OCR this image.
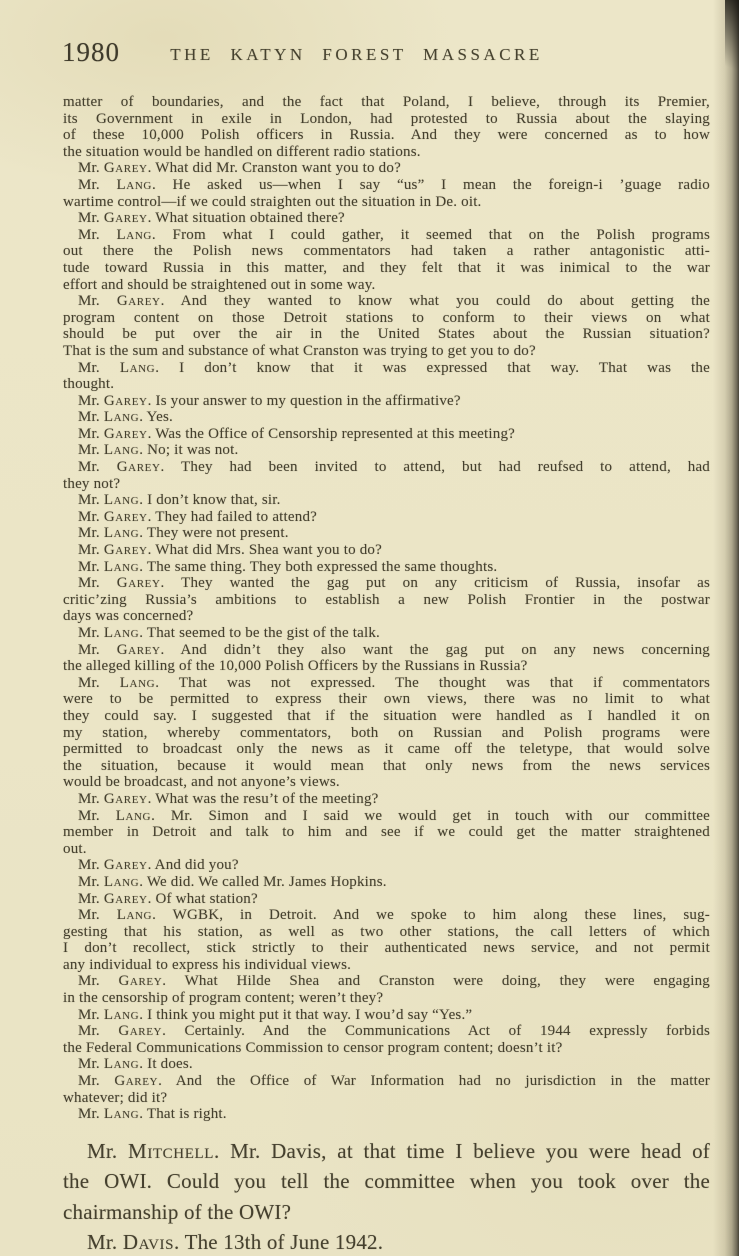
1980	THE KATYN FOREST MASSACRE
matter of boundaries, and the fact that Poland, I believe, through its Premier,
its Government in exile in London, had protested to Russia about the slaying
of these 10,000 Polish officers in Russia. And they were concerned as to how
the situation would be handled on different radio stations.
Mr. Garey. What did Mr. Cranston want you to do?
Mr. Lang. He asked us—when I say “us” I mean the foreign-i ’guage radio
wartime control—if we could straighten out the situation in De. oit.
Mr. Garey. What situation obtained there?
Mr. Lang. From what I could gather, it seemed that on the Polish programs
out there the Polish news commentators had taken a rather antagonistic atti-
tude toward Russia in this matter, and they felt that it was inimical to the war
effort and should be straightened out in some way.
Mr. Garey. And they wanted to know what you could do about getting the
program content on those Detroit stations to conform to their views on what
should be put over the air in the United States about the Russian situation?
That is the sum and substance of what Cranston was trying to get you to do?
Mr. Lang. I don’t know that it was expressed that way. That was the
thought.
Mr. Garey. Is your answer to my question in the affirmative?
Mr. Lang. Yes.
Mr. Garey. Was the Office of Censorship represented at this meeting?
Mr. Lang. No; it was not.
Mr. Garey. They had been invited to attend, but had reufsed to attend, had
they not?
Mr. Lang. I don’t know that, sir.
Mr. Garey. They had failed to attend?
Mr. Lang. They were not present.
Mr. Garey. What did Mrs. Shea want you to do?
Mr. Lang. The same thing. They both expressed the same thoughts.
Mr. Garey. They wanted the gag put on any criticism of Russia, insofar as
critic’zing Russia’s ambitions to establish a new Polish Frontier in the postwar
days was concerned?
Mr. Lang. That seemed to be the gist of the talk.
Mr. Garey. And didn’t they also want the gag put on any news concerning
the alleged killing of the 10,000 Polish Officers by the Russians in Russia?
Mr. Lang. That was not expressed. The thought was that if commentators
were to be permitted to express their own views, there was no limit to what
they could say. I suggested that if the situation were handled as I handled it on
my station, whereby commentators, both on Russian and Polish programs were
permitted to broadcast only the news as it came off the teletype, that would solve
the situation, because it would mean that only news from the news services
would be broadcast, and not anyone’s views.
Mr. Garey. What was the resu’t of the meeting?
Mr. Lang. Mr. Simon and I said we would get in touch with our committee
member in Detroit and talk to him and see if we could get the matter straightened
out.
Mr. Garey. And did you?
Mr. Lang. We did. We called Mr. James Hopkins.
Mr. Garey. Of what station?
Mr. Lang. WGBK, in Detroit. And we spoke to him along these lines, sug-
gesting that his station, as well as two other stations, the call letters of which
I don’t recollect, stick strictly to their authenticated news service, and not permit
any individual to express his individual views.
Mr. Garey. What Hilde Shea and Cranston were doing, they were engaging
in the censorship of program content; weren’t they?
Mr. Lang. I think you might put it that way. I wou’d say “Yes.”
Mr. Garey. Certainly. And the Communications Act of 1944 expressly forbids
the Federal Communications Commission to censor program content; doesn’t it?
Mr. Lang. It does.
Mr. Garey. And the Office of War Information had no jurisdiction in the matter
whatever; did it?
Mr. Lang. That is right.
Mr. Mitchell. Mr. Davis, at that time I believe you were head of
the OWI. Could you tell the committee when you took over the
chairmanship of the OWI?
Mr. Davis. The 13th of June 1942.
